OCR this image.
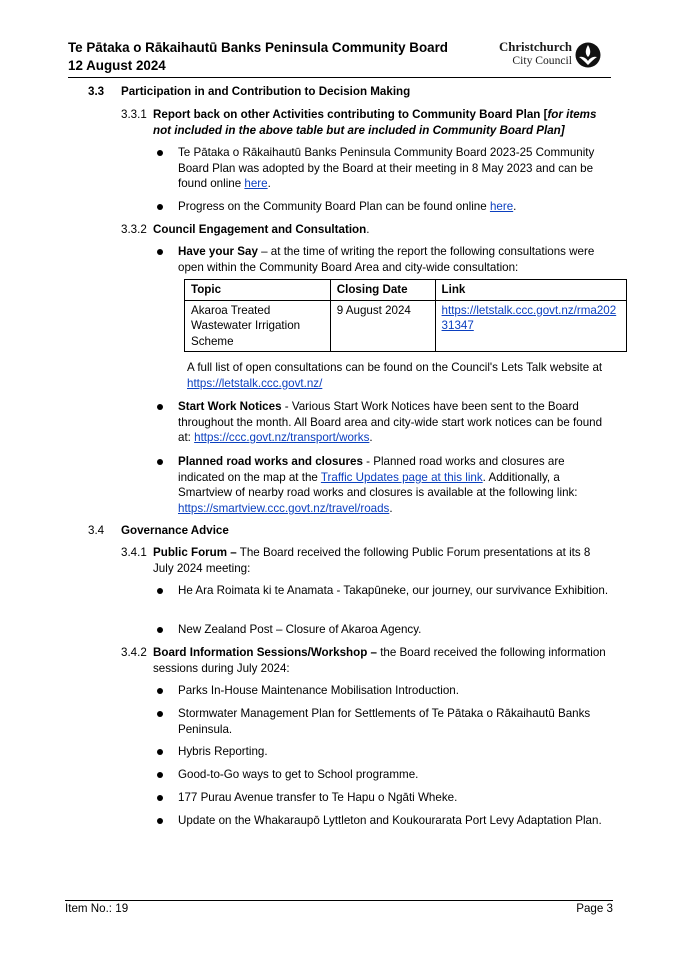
Te Pātaka o Rākaihautū Banks Peninsula Community Board
12 August 2024
Christchurch
City Council
3.3 Participation in and Contribution to Decision Making
3.3.1 Report back on other Activities contributing to Community Board Plan [for items not included in the above table but are included in Community Board Plan]
Te Pātaka o Rākaihautū Banks Peninsula Community Board 2023-25 Community Board Plan was adopted by the Board at their meeting in 8 May 2023 and can be found online here.
Progress on the Community Board Plan can be found online here.
3.3.2 Council Engagement and Consultation.
Have your Say – at the time of writing the report the following consultations were open within the Community Board Area and city-wide consultation:
Topic	Closing Date	Link
Akaroa Treated Wastewater Irrigation Scheme	9 August 2024	https://letstalk.ccc.govt.nz/rma20231347
A full list of open consultations can be found on the Council's Lets Talk website at https://letstalk.ccc.govt.nz/
Start Work Notices - Various Start Work Notices have been sent to the Board throughout the month. All Board area and city-wide start work notices can be found at: https://ccc.govt.nz/transport/works.
Planned road works and closures - Planned road works and closures are indicated on the map at the Traffic Updates page at this link. Additionally, a Smartview of nearby road works and closures is available at the following link: https://smartview.ccc.govt.nz/travel/roads.
3.4 Governance Advice
3.4.1 Public Forum – The Board received the following Public Forum presentations at its 8 July 2024 meeting:
He Ara Roimata ki te Anamata - Takapūneke, our journey, our survivance Exhibition.
New Zealand Post – Closure of Akaroa Agency.
3.4.2 Board Information Sessions/Workshop – the Board received the following information sessions during July 2024:
Parks In-House Maintenance Mobilisation Introduction.
Stormwater Management Plan for Settlements of Te Pātaka o Rākaihautū Banks Peninsula.
Hybris Reporting.
Good-to-Go ways to get to School programme.
177 Purau Avenue transfer to Te Hapu o Ngāti Wheke.
Update on the Whakaraupō Lyttleton and Koukourarata Port Levy Adaptation Plan.
Item No.: 19	Page 3
